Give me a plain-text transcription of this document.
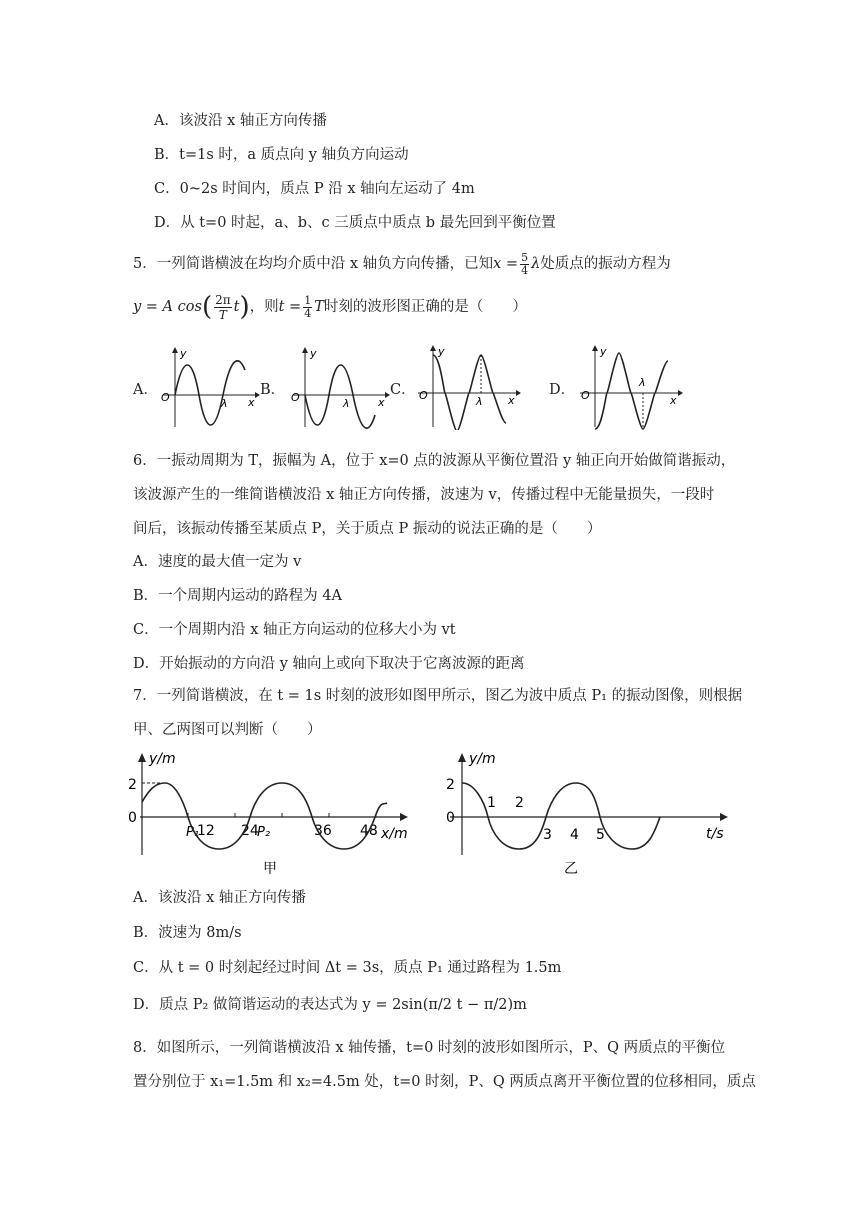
A．该波沿 x 轴正方向传播
B．t=1s 时，a 质点向 y 轴负方向运动
C．0~2s 时间内，质点 P 沿 x 轴向左运动了 4m
D．从 t=0 时起，a、b、c 三质点中质点 b 最先回到平衡位置
5．一列简谐横波在均均介质中沿 x 轴负方向传播，已知$x = \frac{5}{4}$ λ处质点的振动方程为
y = A $\cos( \frac{2\pi}{T} t)$，则$t = \frac{1}{4}$ T时刻的波形图正确的是（　　）
A．	B．	C．	D．
y
x
O	λ
y
x
O	λ
y
x
O	λ
y
x
O
λ
6．一振动周期为 T，振幅为 A，位于 x=0 点的波源从平衡位置沿 y 轴正向开始做简谐振动，
该波源产生的一维简谐横波沿 x 轴正方向传播，波速为 v，传播过程中无能量损失，一段时
间后，该振动传播至某质点 P，关于质点 P 振动的说法正确的是（　　）
A．速度的最大值一定为 v
B．一个周期内运动的路程为 4A
C．一个周期内沿 x 轴正方向运动的位移大小为 vt
D．开始振动的方向沿 y 轴向上或向下取决于它离波源的距离
7．一列简谐横波，在 t = 1s 时刻的波形如图甲所示，图乙为波中质点 P₁ 的振动图像，则根据
甲、乙两图可以判断（　　）
y/m
x/m
2
0
12 24	36 48
P₁	P₂
甲
y/m
t/s
2
0
1 2
3 4 5
乙
A．该波沿 x 轴正方向传播
B．波速为 8m/s
C．从 t = 0 时刻起经过时间 Δt = 3s，质点 P₁ 通过路程为 1.5m
D．质点 P₂ 做简谐运动的表达式为 y = 2sin(π/2 t − π/2)m
8．如图所示，一列简谐横波沿 x 轴传播，t=0 时刻的波形如图所示，P、Q 两质点的平衡位
置分别位于 x₁=1.5m 和 x₂=4.5m 处，t=0 时刻，P、Q 两质点离开平衡位置的位移相同，质点
